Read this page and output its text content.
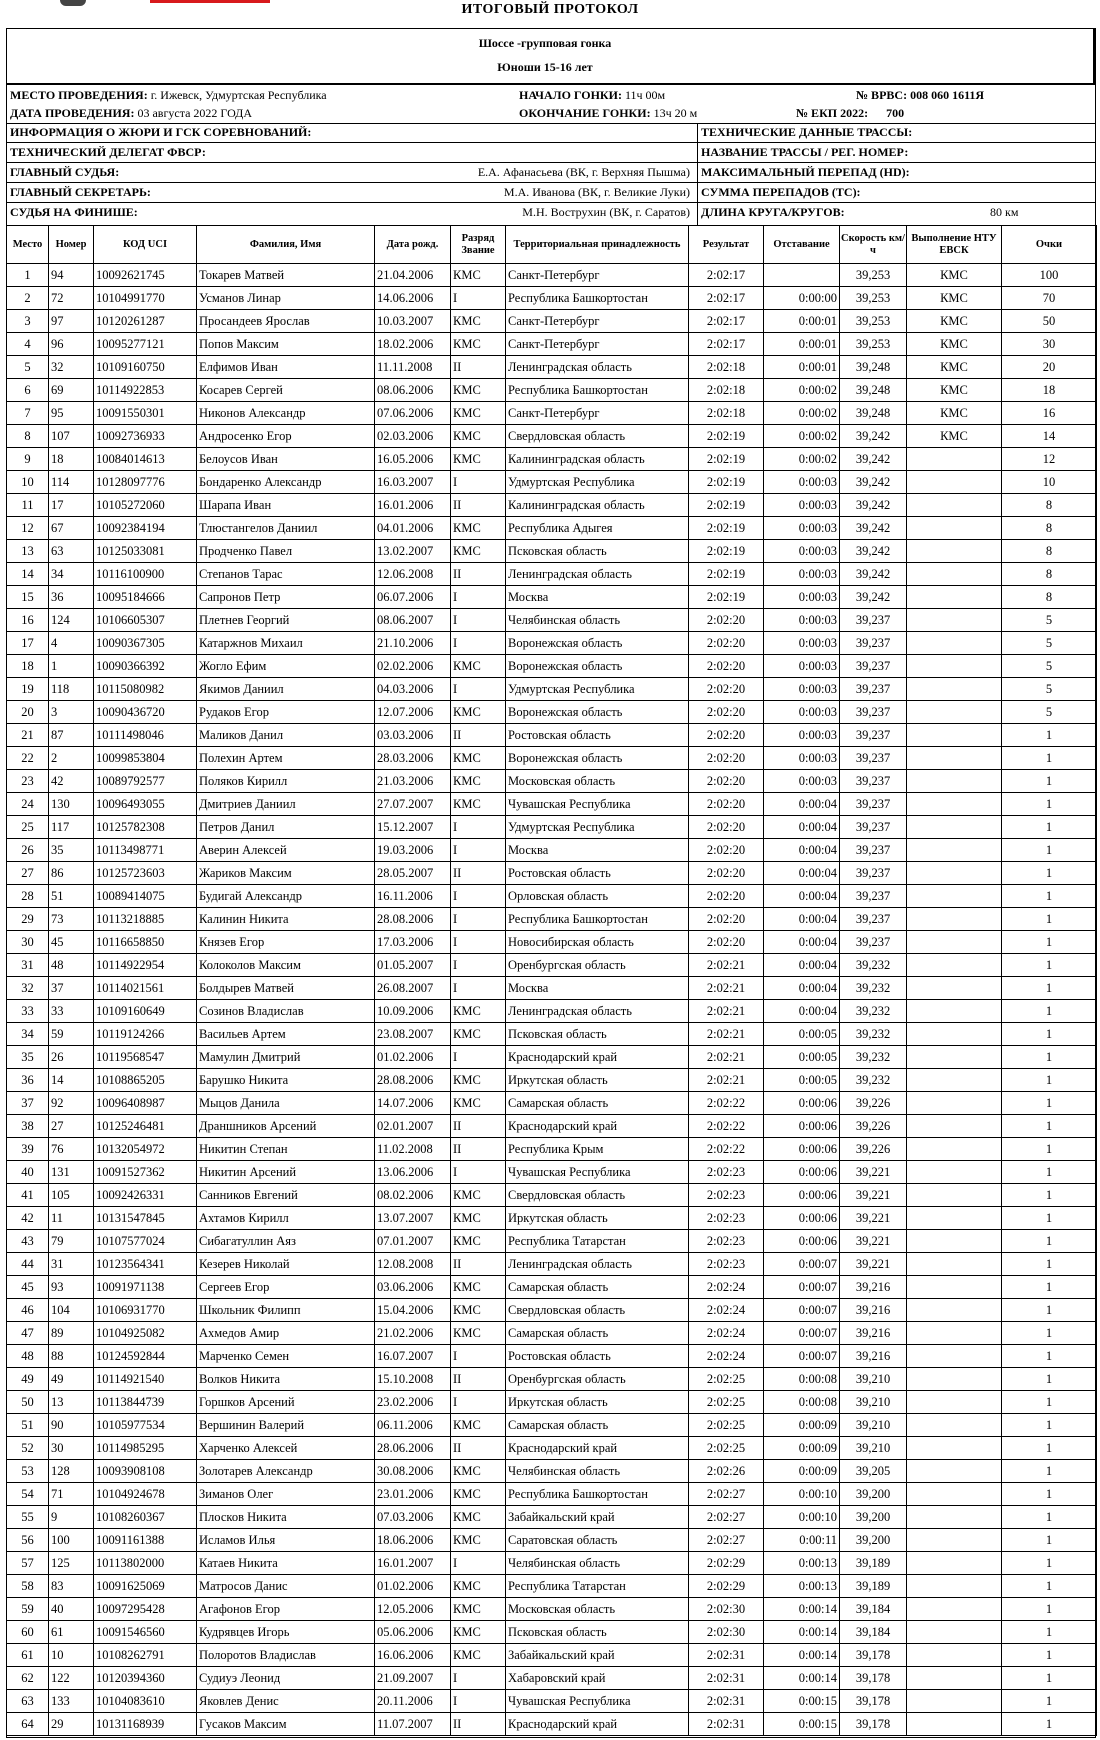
ИТОГОВЫЙ ПРОТОКОЛ
Шоссе -групповая гонка
Юноши 15-16 лет
МЕСТО ПРОВЕДЕНИЯ: г. Ижевск, Удмуртская Республика
ДАТА ПРОВЕДЕНИЯ: 03 августа 2022 ГОДА
НАЧАЛО ГОНКИ: 11ч 00м
ОКОНЧАНИЕ ГОНКИ: 13ч 20 м
№ ВРВС: 008 060 1611Я
№ ЕКП 2022: 700
ИНФОРМАЦИЯ О ЖЮРИ И ГСК СОРЕВНОВАНИЙ:	ТЕХНИЧЕСКИЕ ДАННЫЕ ТРАССЫ:
ТЕХНИЧЕСКИЙ ДЕЛЕГАТ ФВСР:	НАЗВАНИЕ ТРАССЫ / РЕГ. НОМЕР:
ГЛАВНЫЙ СУДЬЯ:	Е.А. Афанасьева (ВК, г. Верхняя Пышма) МАКСИМАЛЬНЫЙ ПЕРЕПАД (HD):
ГЛАВНЫЙ СЕКРЕТАРЬ:	М.А. Иванова (ВК, г. Великие Луки) СУММА ПЕРЕПАДОВ (ТС):
СУДЬЯ НА ФИНИШЕ:	М.Н. Вострухин (ВК, г. Саратов) ДЛИНА КРУГА/КРУГОВ:	80 км
Место	Номер	КОД UCI	Фамилия, Имя	Дата рожд.	Разряд Звание	Территориальная принадлежность	Результат	Отставание	Скорость км/ч	Выполнение НТУ ЕВСК	Очки
1	94	10092621745	Токарев Матвей	21.04.2006	КМС	Санкт-Петербург	2:02:17		39,253	КМС	100
2	72	10104991770	Усманов Линар	14.06.2006	I	Республика Башкортостан	2:02:17	0:00:00	39,253	КМС	70
3	97	10120261287	Просандеев Ярослав	10.03.2007	КМС	Санкт-Петербург	2:02:17	0:00:01	39,253	КМС	50
4	96	10095277121	Попов Максим	18.02.2006	КМС	Санкт-Петербург	2:02:17	0:00:01	39,253	КМС	30
5	32	10109160750	Елфимов Иван	11.11.2008	II	Ленинградская область	2:02:18	0:00:01	39,248	КМС	20
6	69	10114922853	Косарев Сергей	08.06.2006	КМС	Республика Башкортостан	2:02:18	0:00:02	39,248	КМС	18
7	95	10091550301	Никонов Александр	07.06.2006	КМС	Санкт-Петербург	2:02:18	0:00:02	39,248	КМС	16
8	107	10092736933	Андросенко Егор	02.03.2006	КМС	Свердловская область	2:02:19	0:00:02	39,242	КМС	14
9	18	10084014613	Белоусов Иван	16.05.2006	КМС	Калининградская область	2:02:19	0:00:02	39,242		12
10	114	10128097776	Бондаренко Александр	16.03.2007	I	Удмуртская Республика	2:02:19	0:00:03	39,242		10
11	17	10105272060	Шарапа Иван	16.01.2006	II	Калининградская область	2:02:19	0:00:03	39,242		8
12	67	10092384194	Тлюстангелов Даниил	04.01.2006	КМС	Республика Адыгея	2:02:19	0:00:03	39,242		8
13	63	10125033081	Продченко Павел	13.02.2007	КМС	Псковская область	2:02:19	0:00:03	39,242		8
14	34	10116100900	Степанов Тарас	12.06.2008	II	Ленинградская область	2:02:19	0:00:03	39,242		8
15	36	10095184666	Сапронов Петр	06.07.2006	I	Москва	2:02:19	0:00:03	39,242		8
16	124	10106605307	Плетнев Георгий	08.06.2007	I	Челябинская область	2:02:20	0:00:03	39,237		5
17	4	10090367305	Катаржнов Михаил	21.10.2006	I	Воронежская область	2:02:20	0:00:03	39,237		5
18	1	10090366392	Жогло Ефим	02.02.2006	КМС	Воронежская область	2:02:20	0:00:03	39,237		5
19	118	10115080982	Якимов Даниил	04.03.2006	I	Удмуртская Республика	2:02:20	0:00:03	39,237		5
20	3	10090436720	Рудаков Егор	12.07.2006	КМС	Воронежская область	2:02:20	0:00:03	39,237		5
21	87	10111498046	Маликов Данил	03.03.2006	II	Ростовская область	2:02:20	0:00:03	39,237		1
22	2	10099853804	Полехин Артем	28.03.2006	КМС	Воронежская область	2:02:20	0:00:03	39,237		1
23	42	10089792577	Поляков Кирилл	21.03.2006	КМС	Московская область	2:02:20	0:00:03	39,237		1
24	130	10096493055	Дмитриев Даниил	27.07.2007	КМС	Чувашская Республика	2:02:20	0:00:04	39,237		1
25	117	10125782308	Петров Данил	15.12.2007	I	Удмуртская Республика	2:02:20	0:00:04	39,237		1
26	35	10113498771	Аверин Алексей	19.03.2006	I	Москва	2:02:20	0:00:04	39,237		1
27	86	10125723603	Жариков Максим	28.05.2007	II	Ростовская область	2:02:20	0:00:04	39,237		1
28	51	10089414075	Будигай Александр	16.11.2006	I	Орловская область	2:02:20	0:00:04	39,237		1
29	73	10113218885	Калинин Никита	28.08.2006	I	Республика Башкортостан	2:02:20	0:00:04	39,237		1
30	45	10116658850	Князев Егор	17.03.2006	I	Новосибирская область	2:02:20	0:00:04	39,237		1
31	48	10114922954	Колоколов Максим	01.05.2007	I	Оренбургская область	2:02:21	0:00:04	39,232		1
32	37	10114021561	Болдырев Матвей	26.08.2007	I	Москва	2:02:21	0:00:04	39,232		1
33	33	10109160649	Созинов Владислав	10.09.2006	КМС	Ленинградская область	2:02:21	0:00:04	39,232		1
34	59	10119124266	Васильев Артем	23.08.2007	КМС	Псковская область	2:02:21	0:00:05	39,232		1
35	26	10119568547	Мамулин Дмитрий	01.02.2006	I	Краснодарский край	2:02:21	0:00:05	39,232		1
36	14	10108865205	Барушко Никита	28.08.2006	КМС	Иркутская область	2:02:21	0:00:05	39,232		1
37	92	10096408987	Мыцов Данила	14.07.2006	КМС	Самарская область	2:02:22	0:00:06	39,226		1
38	27	10125246481	Драншников Арсений	02.01.2007	II	Краснодарский край	2:02:22	0:00:06	39,226		1
39	76	10132054972	Никитин Степан	11.02.2008	II	Республика Крым	2:02:22	0:00:06	39,226		1
40	131	10091527362	Никитин Арсений	13.06.2006	I	Чувашская Республика	2:02:23	0:00:06	39,221		1
41	105	10092426331	Санников Евгений	08.02.2006	КМС	Свердловская область	2:02:23	0:00:06	39,221		1
42	11	10131547845	Ахтамов Кирилл	13.07.2007	КМС	Иркутская область	2:02:23	0:00:06	39,221		1
43	79	10107577024	Сибагатуллин Аяз	07.01.2007	КМС	Республика Татарстан	2:02:23	0:00:06	39,221		1
44	31	10123564341	Кезерев Николай	12.08.2008	II	Ленинградская область	2:02:23	0:00:07	39,221		1
45	93	10091971138	Сергеев Егор	03.06.2006	КМС	Самарская область	2:02:24	0:00:07	39,216		1
46	104	10106931770	Школьник Филипп	15.04.2006	КМС	Свердловская область	2:02:24	0:00:07	39,216		1
47	89	10104925082	Ахмедов Амир	21.02.2006	КМС	Самарская область	2:02:24	0:00:07	39,216		1
48	88	10124592844	Марченко Семен	16.07.2007	I	Ростовская область	2:02:24	0:00:07	39,216		1
49	49	10114921540	Волков Никита	15.10.2008	II	Оренбургская область	2:02:25	0:00:08	39,210		1
50	13	10113844739	Горшков Арсений	23.02.2006	I	Иркутская область	2:02:25	0:00:08	39,210		1
51	90	10105977534	Вершинин Валерий	06.11.2006	КМС	Самарская область	2:02:25	0:00:09	39,210		1
52	30	10114985295	Харченко Алексей	28.06.2006	II	Краснодарский край	2:02:25	0:00:09	39,210		1
53	128	10093908108	Золотарев Александр	30.08.2006	КМС	Челябинская область	2:02:26	0:00:09	39,205		1
54	71	10104924678	Зиманов Олег	23.01.2006	КМС	Республика Башкортостан	2:02:27	0:00:10	39,200		1
55	9	10108260367	Плосков Никита	07.03.2006	КМС	Забайкальский край	2:02:27	0:00:10	39,200		1
56	100	10091161388	Исламов Илья	18.06.2006	КМС	Саратовская область	2:02:27	0:00:11	39,200		1
57	125	10113802000	Катаев Никита	16.01.2007	I	Челябинская область	2:02:29	0:00:13	39,189		1
58	83	10091625069	Матросов Данис	01.02.2006	КМС	Республика Татарстан	2:02:29	0:00:13	39,189		1
59	40	10097295428	Агафонов Егор	12.05.2006	КМС	Московская область	2:02:30	0:00:14	39,184		1
60	61	10091546560	Кудрявцев Игорь	05.06.2006	КМС	Псковская область	2:02:30	0:00:14	39,184		1
61	10	10108262791	Полоротов Владислав	16.06.2006	КМС	Забайкальский край	2:02:31	0:00:14	39,178		1
62	122	10120394360	Судиуэ Леонид	21.09.2007	I	Хабаровский край	2:02:31	0:00:14	39,178		1
63	133	10104083610	Яковлев Денис	20.11.2006	I	Чувашская Республика	2:02:31	0:00:15	39,178		1
64	29	10131168939	Гусаков Максим	11.07.2007	II	Краснодарский край	2:02:31	0:00:15	39,178		1
